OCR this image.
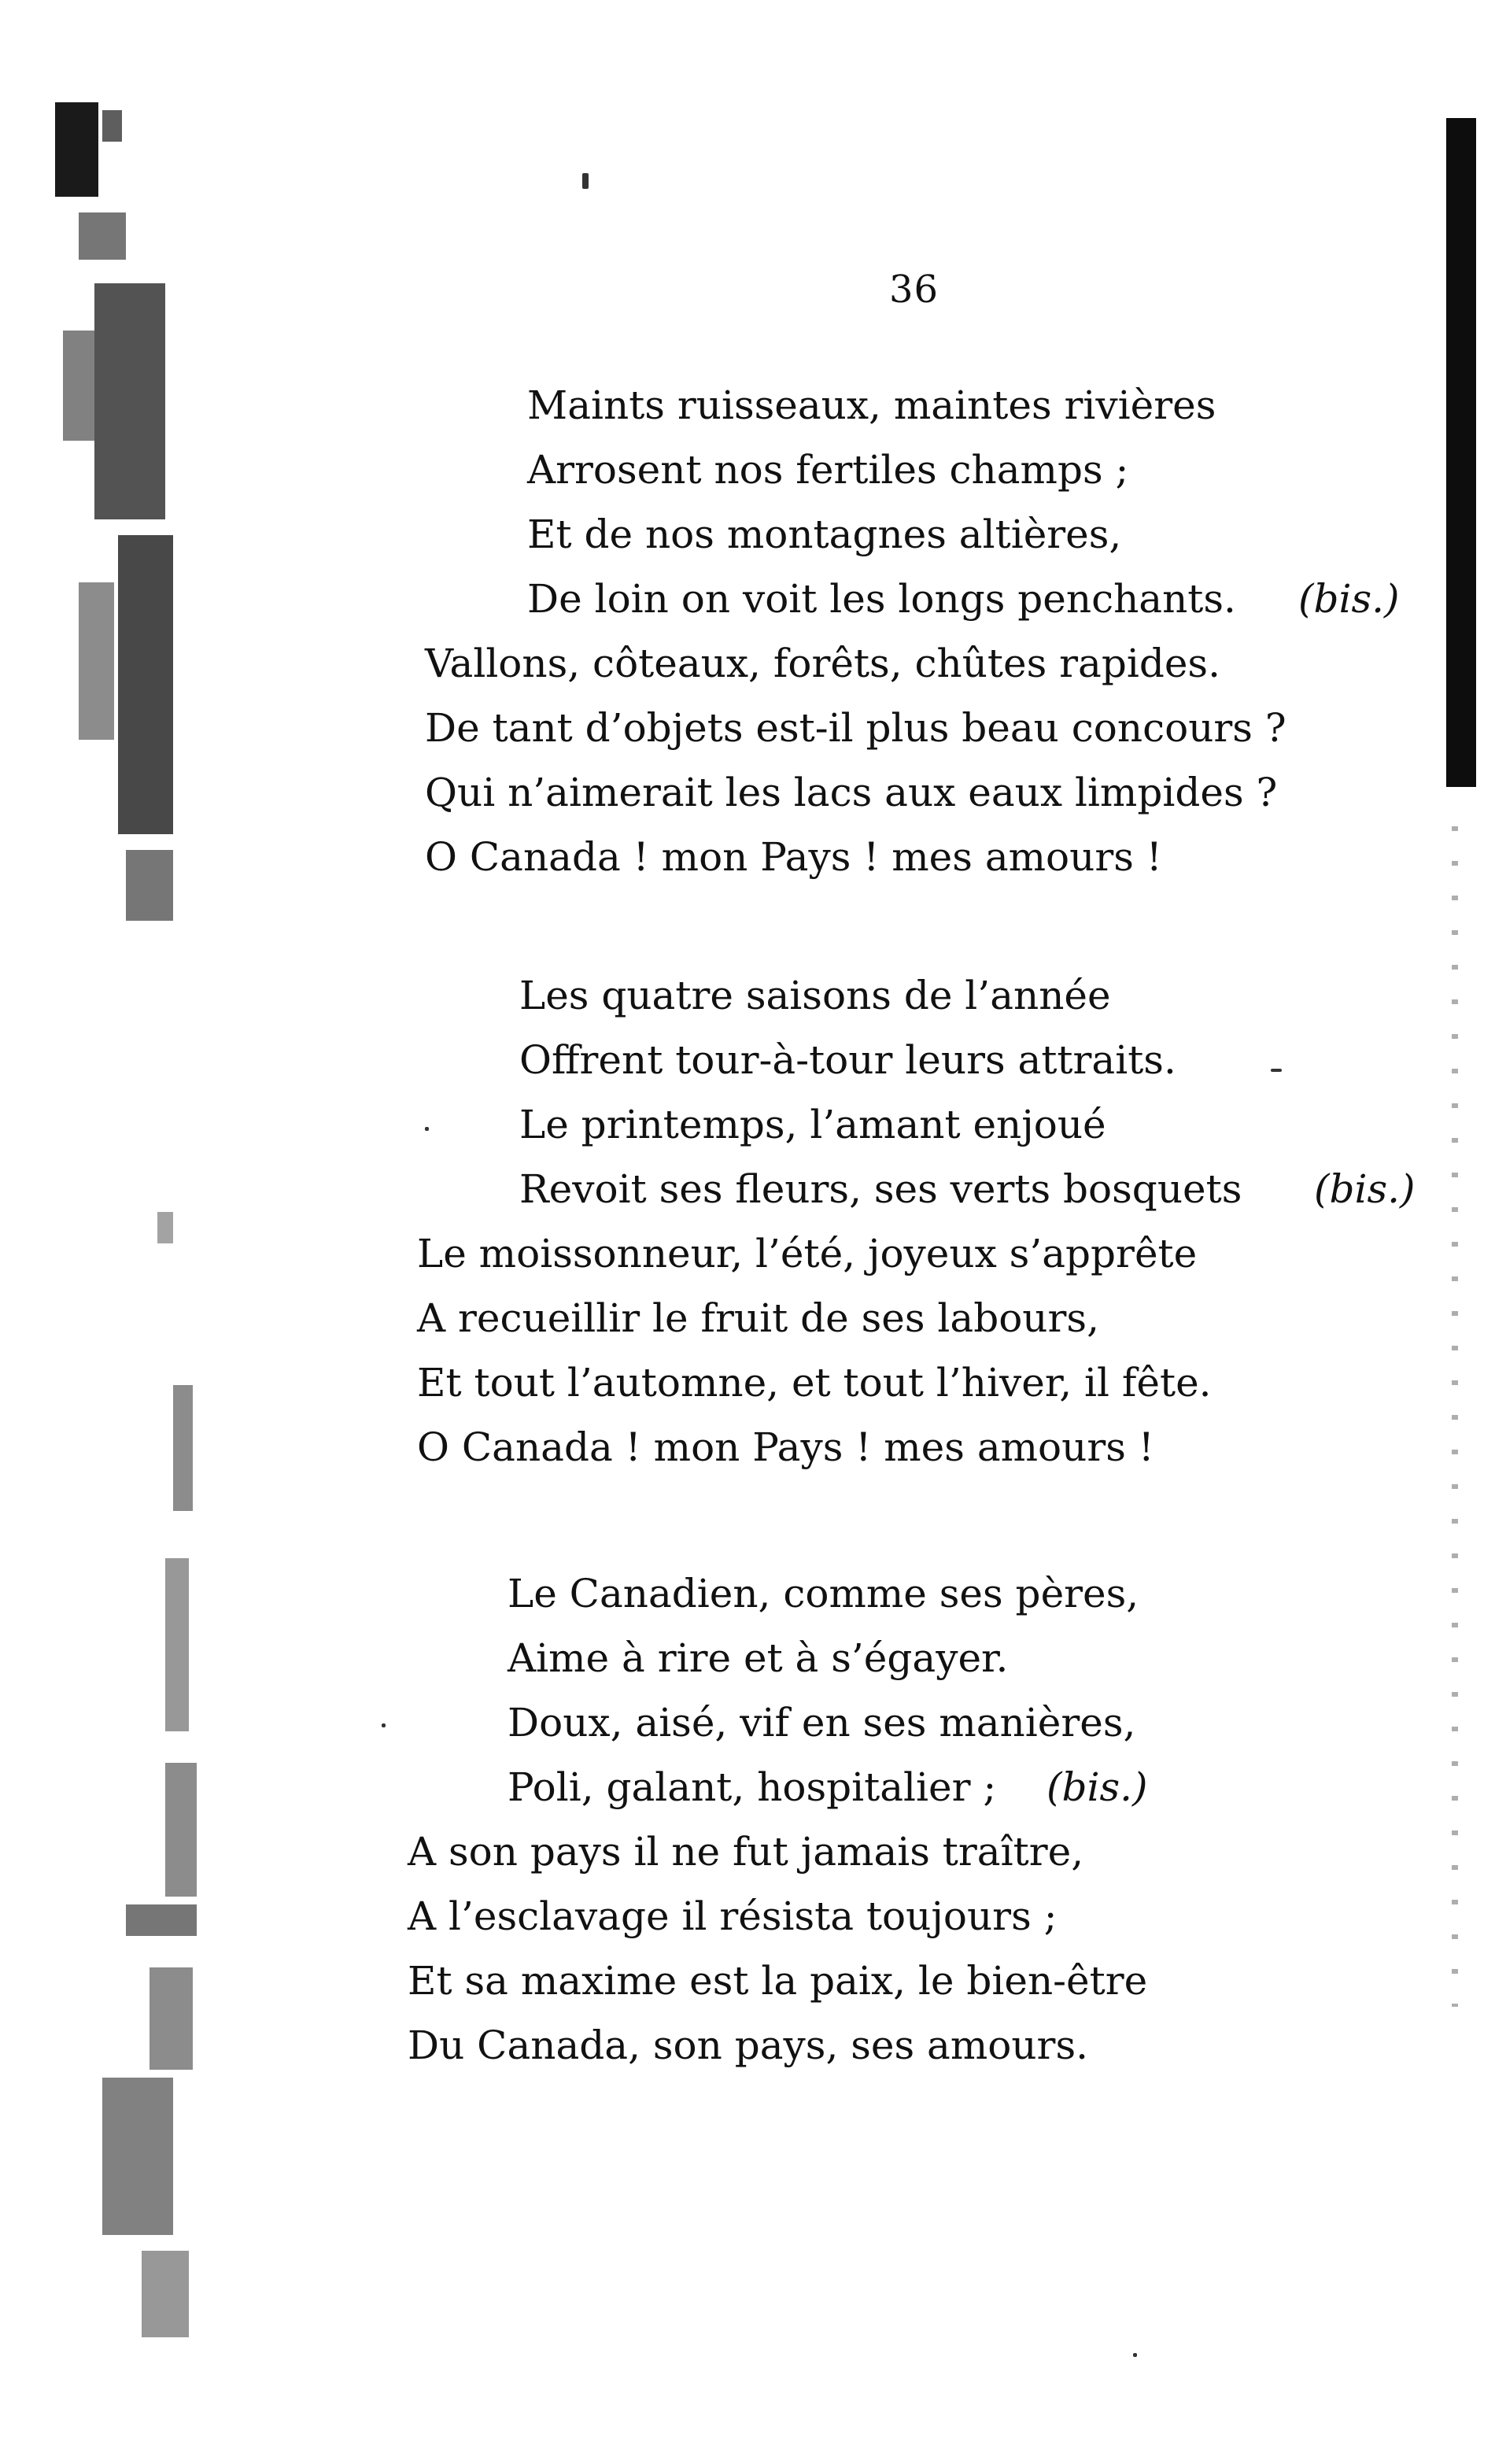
36
Maints ruisseaux, maintes rivières
Arrosent nos fertiles champs ;
Et de nos montagnes altières,
De loin on voit les longs penchants. (bis.)
Vallons, côteaux, forêts, chûtes rapides.
De tant d’objets est-il plus beau concours ?
Qui n’aimerait les lacs aux eaux limpides ?
O Canada ! mon Pays ! mes amours !
Les quatre saisons de l’année
Offrent tour-à-tour leurs attraits.
Le printemps, l’amant enjoué
Revoit ses fleurs, ses verts bosquets (bis.)
Le moissonneur, l’été, joyeux s’apprête
A recueillir le fruit de ses labours,
Et tout l’automne, et tout l’hiver, il fête.
O Canada ! mon Pays ! mes amours !
Le Canadien, comme ses pères,
Aime à rire et à s’égayer.
Doux, aisé, vif en ses manières,
Poli, galant, hospitalier ; (bis.)
A son pays il ne fut jamais traître,
A l’esclavage il résista toujours ;
Et sa maxime est la paix, le bien-être
Du Canada, son pays, ses amours.
